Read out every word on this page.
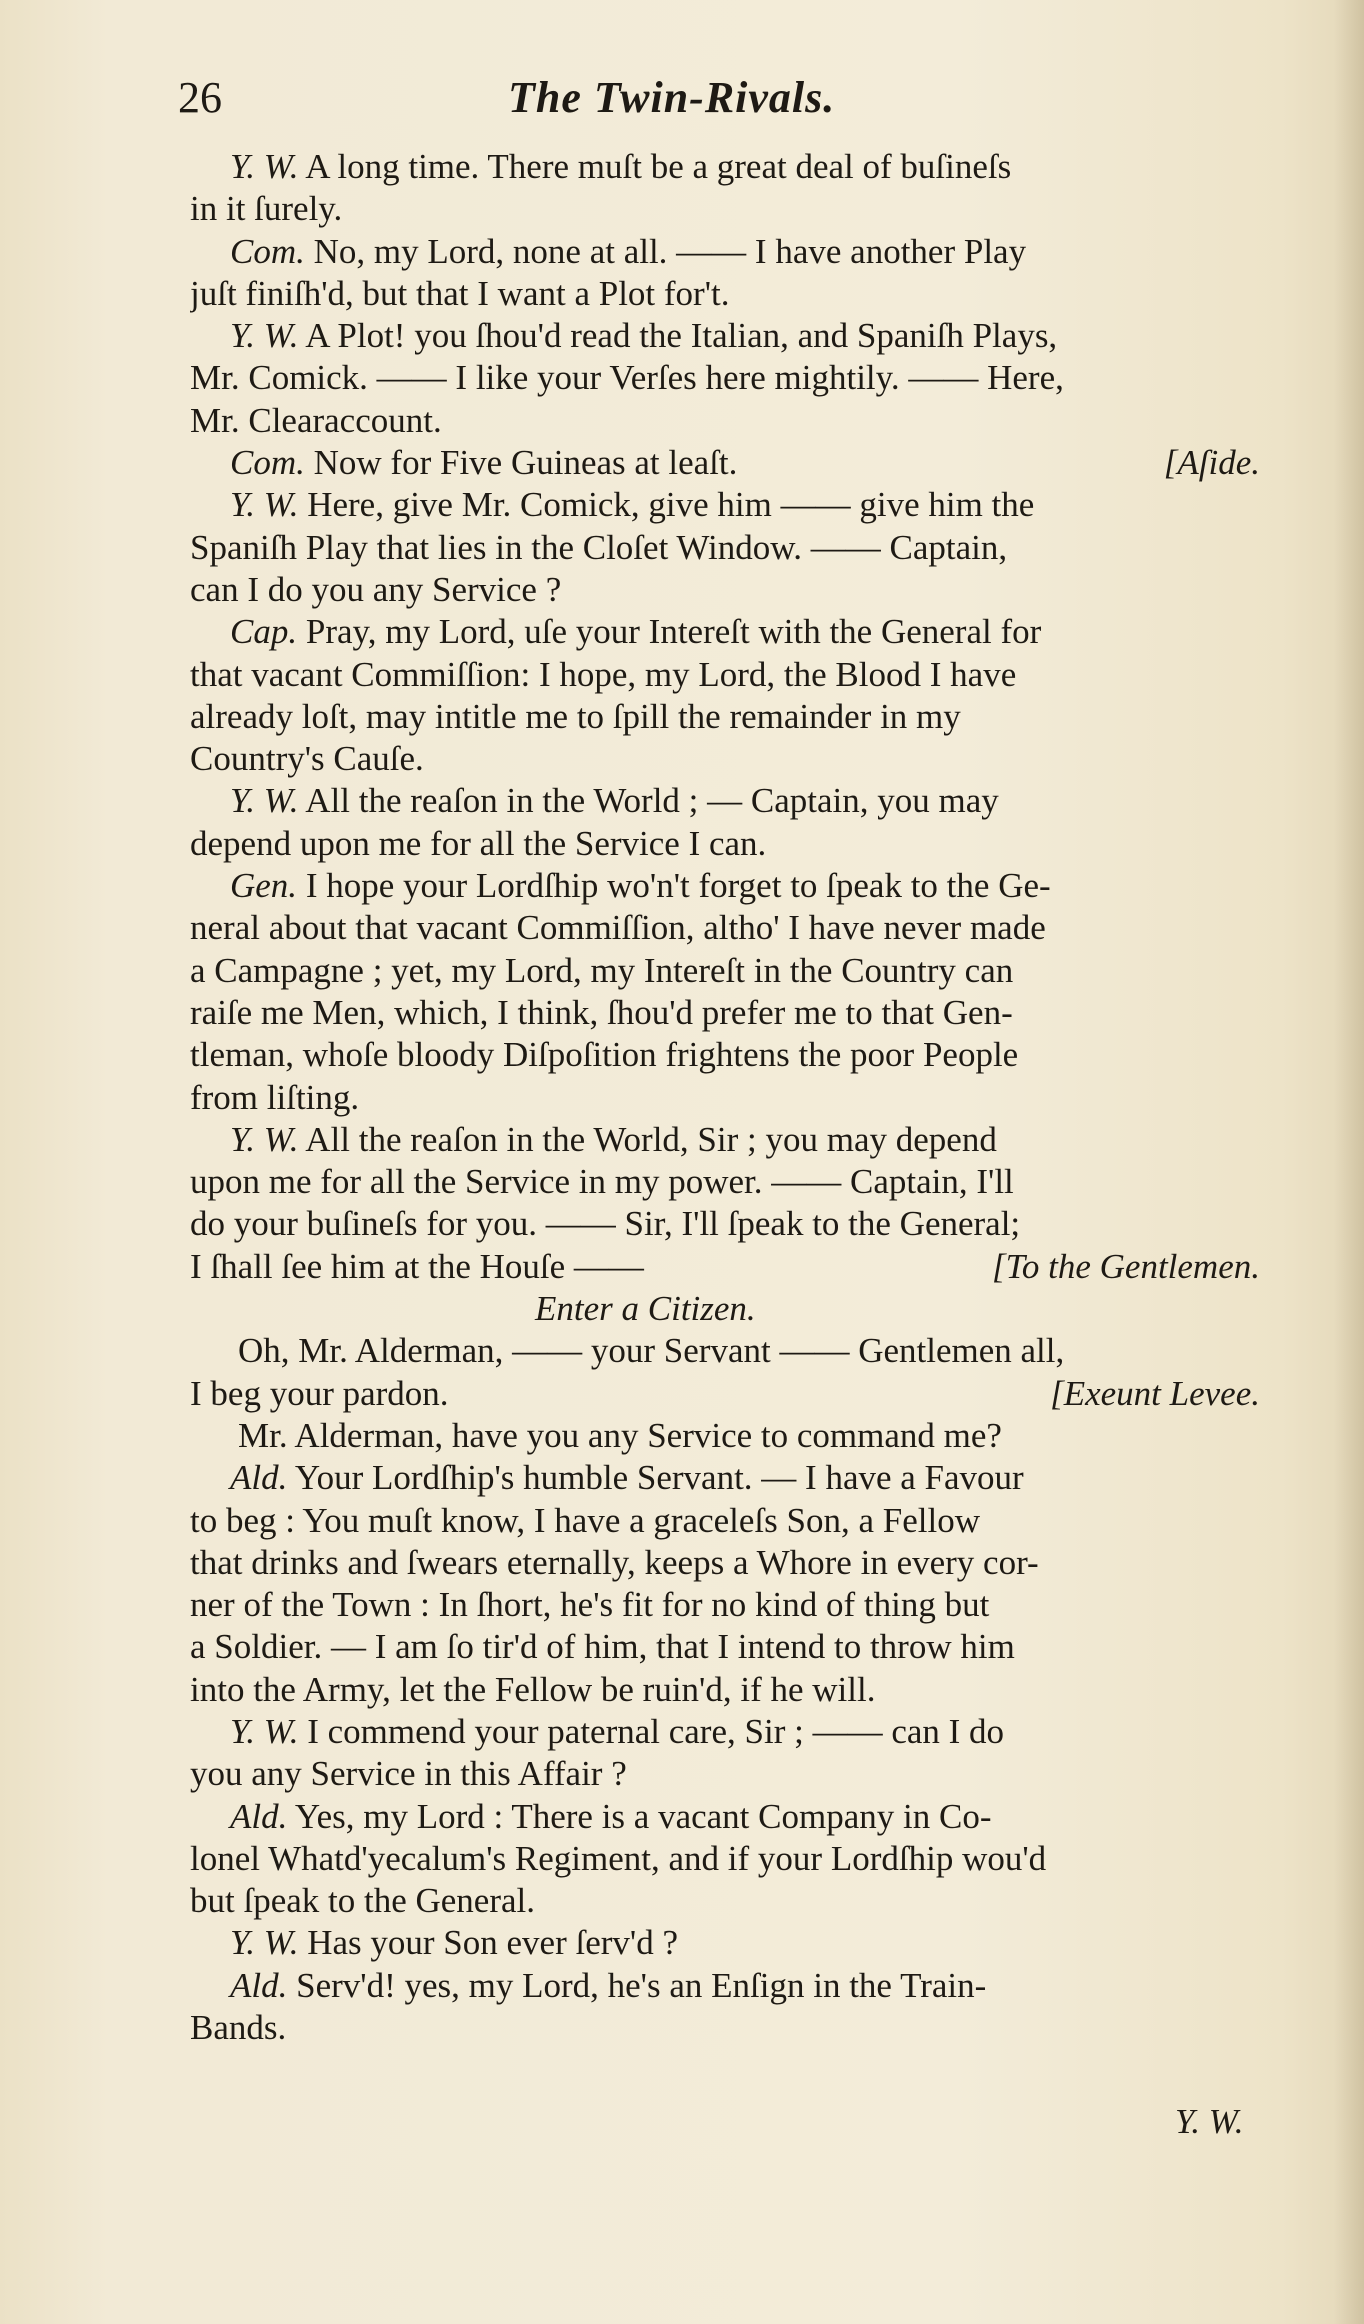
26	The Twin-Rivals.
Y. W. A long time. There muſt be a great deal of buſineſs
in it ſurely.
Com. No, my Lord, none at all. —— I have another Play
juſt finiſh'd, but that I want a Plot for't.
Y. W. A Plot! you ſhou'd read the Italian, and Spaniſh Plays,
Mr. Comick. —— I like your Verſes here mightily. —— Here,
Mr. Clearaccount.
Com. Now for Five Guineas at leaſt.	[Aſide.
Y. W. Here, give Mr. Comick, give him —— give him the
Spaniſh Play that lies in the Cloſet Window. —— Captain,
can I do you any Service ?
Cap. Pray, my Lord, uſe your Intereſt with the General for
that vacant Commiſſion: I hope, my Lord, the Blood I have
already loſt, may intitle me to ſpill the remainder in my
Country's Cauſe.
Y. W. All the reaſon in the World ; — Captain, you may
depend upon me for all the Service I can.
Gen. I hope your Lordſhip wo'n't forget to ſpeak to the Ge-
neral about that vacant Commiſſion, altho' I have never made
a Campagne ; yet, my Lord, my Intereſt in the Country can
raiſe me Men, which, I think, ſhou'd prefer me to that Gen-
tleman, whoſe bloody Diſpoſition frightens the poor People
from liſting.
Y. W. All the reaſon in the World, Sir ; you may depend
upon me for all the Service in my power. —— Captain, I'll
do your buſineſs for you. —— Sir, I'll ſpeak to the General;
I ſhall ſee him at the Houſe ——	[To the Gentlemen.
Enter a Citizen.
Oh, Mr. Alderman, —— your Servant —— Gentlemen all,
I beg your pardon.	[Exeunt Levee.
Mr. Alderman, have you any Service to command me?
Ald. Your Lordſhip's humble Servant. — I have a Favour
to beg : You muſt know, I have a graceleſs Son, a Fellow
that drinks and ſwears eternally, keeps a Whore in every cor-
ner of the Town : In ſhort, he's fit for no kind of thing but
a Soldier. — I am ſo tir'd of him, that I intend to throw him
into the Army, let the Fellow be ruin'd, if he will.
Y. W. I commend your paternal care, Sir ; —— can I do
you any Service in this Affair ?
Ald. Yes, my Lord : There is a vacant Company in Co-
lonel Whatd'yecalum's Regiment, and if your Lordſhip wou'd
but ſpeak to the General.
Y. W. Has your Son ever ſerv'd ?
Ald. Serv'd! yes, my Lord, he's an Enſign in the Train-
Bands.
Y. W.
